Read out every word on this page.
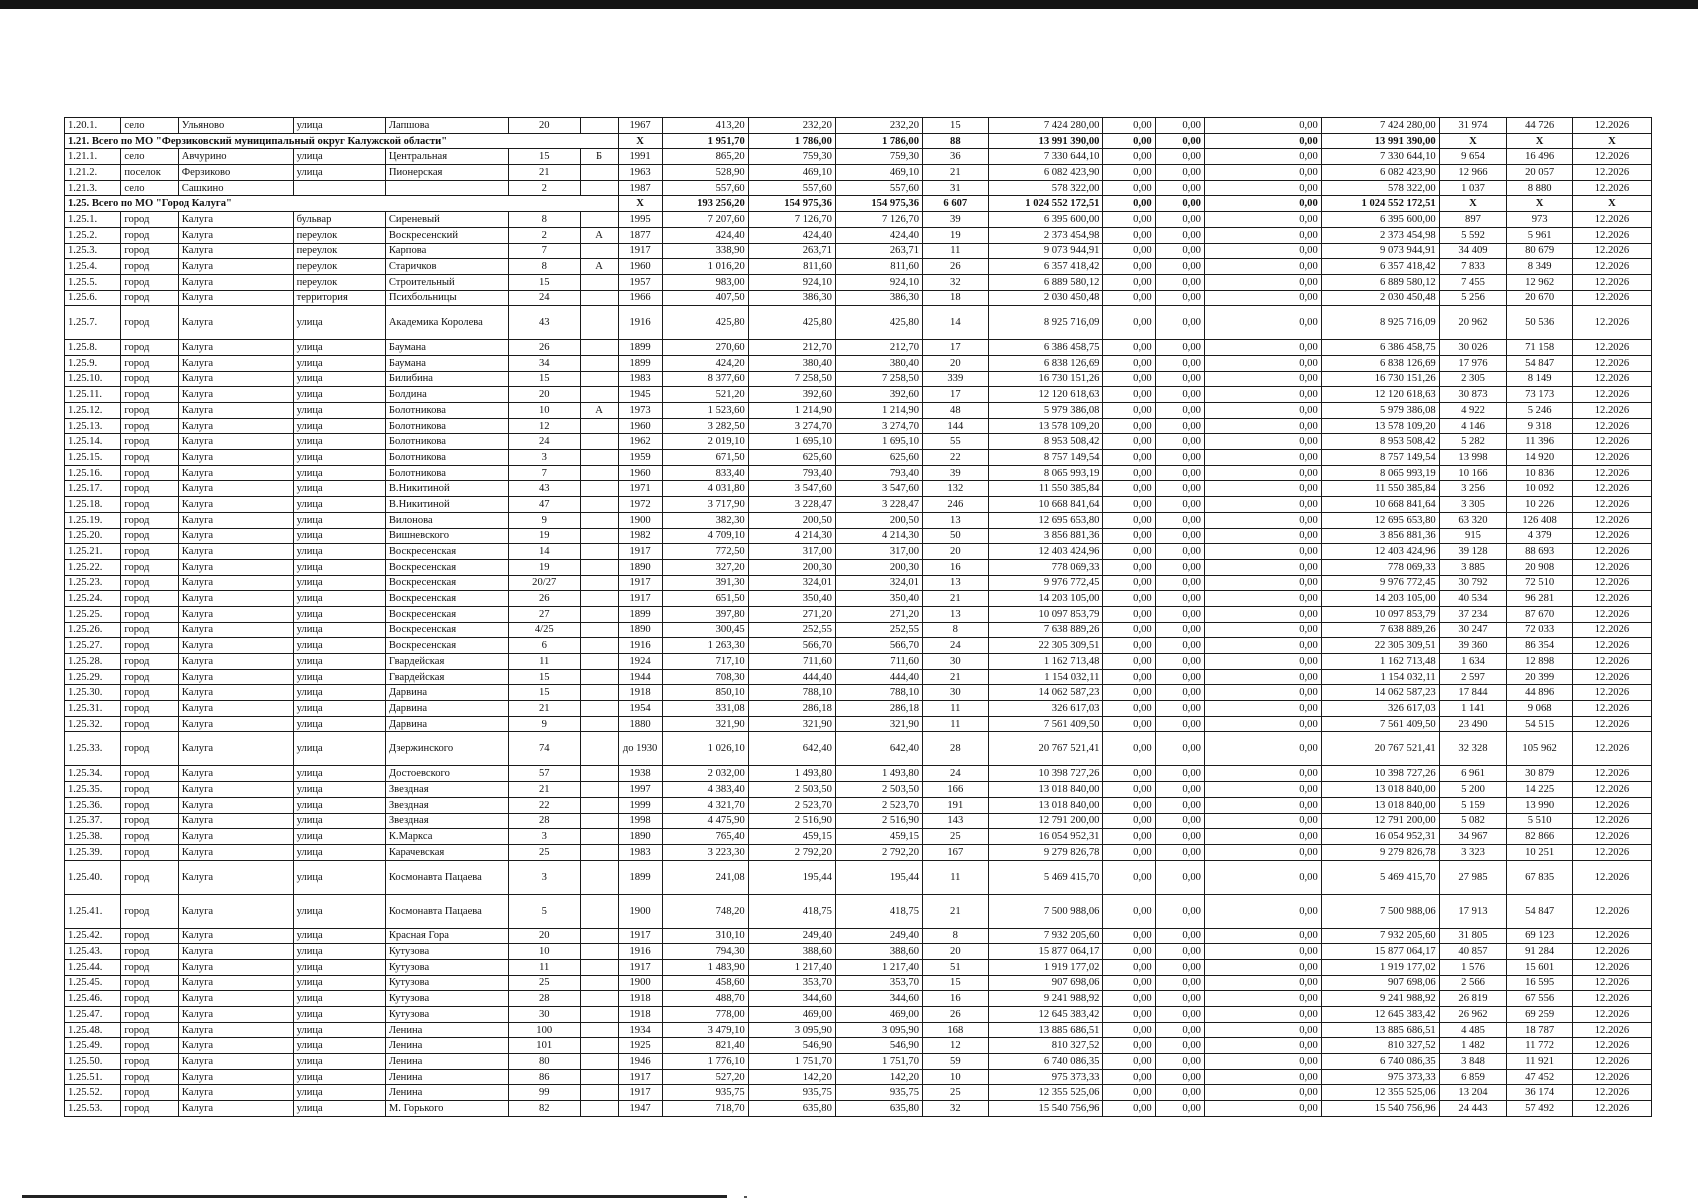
1.20.1.	село	Ульяново	улица	Лапшова	20		1967	413,20	232,20	232,20	15	7 424 280,00	0,00	0,00	0,00	7 424 280,00	31 974	44 726	12.2026
1.21. Всего по МО "Ферзиковский муниципальный округ Калужской области"							Х	1 951,70	1 786,00	1 786,00	88	13 991 390,00	0,00	0,00	0,00	13 991 390,00	Х	Х	Х
1.21.1.	село	Авчурино	улица	Центральная	15	Б	1991	865,20	759,30	759,30	36	7 330 644,10	0,00	0,00	0,00	7 330 644,10	9 654	16 496	12.2026
1.21.2.	поселок	Ферзиково	улица	Пионерская	21		1963	528,90	469,10	469,10	21	6 082 423,90	0,00	0,00	0,00	6 082 423,90	12 966	20 057	12.2026
1.21.3.	село	Сашкино			2		1987	557,60	557,60	557,60	31	578 322,00	0,00	0,00	0,00	578 322,00	1 037	8 880	12.2026
1.25. Всего по МО "Город Калуга"							Х	193 256,20	154 975,36	154 975,36	6 607	1 024 552 172,51	0,00	0,00	0,00	1 024 552 172,51	Х	Х	Х
1.25.1.	город	Калуга	бульвар	Сиреневый	8		1995	7 207,60	7 126,70	7 126,70	39	6 395 600,00	0,00	0,00	0,00	6 395 600,00	897	973	12.2026
1.25.2.	город	Калуга	переулок	Воскресенский	2	А	1877	424,40	424,40	424,40	19	2 373 454,98	0,00	0,00	0,00	2 373 454,98	5 592	5 961	12.2026
1.25.3.	город	Калуга	переулок	Карпова	7		1917	338,90	263,71	263,71	11	9 073 944,91	0,00	0,00	0,00	9 073 944,91	34 409	80 679	12.2026
1.25.4.	город	Калуга	переулок	Старичков	8	А	1960	1 016,20	811,60	811,60	26	6 357 418,42	0,00	0,00	0,00	6 357 418,42	7 833	8 349	12.2026
1.25.5.	город	Калуга	переулок	Строительный	15		1957	983,00	924,10	924,10	32	6 889 580,12	0,00	0,00	0,00	6 889 580,12	7 455	12 962	12.2026
1.25.6.	город	Калуга	территория	Психбольницы	24		1966	407,50	386,30	386,30	18	2 030 450,48	0,00	0,00	0,00	2 030 450,48	5 256	20 670	12.2026
1.25.7.	город	Калуга	улица	Академика Королева	43		1916	425,80	425,80	425,80	14	8 925 716,09	0,00	0,00	0,00	8 925 716,09	20 962	50 536	12.2026
1.25.8.	город	Калуга	улица	Баумана	26		1899	270,60	212,70	212,70	17	6 386 458,75	0,00	0,00	0,00	6 386 458,75	30 026	71 158	12.2026
1.25.9.	город	Калуга	улица	Баумана	34		1899	424,20	380,40	380,40	20	6 838 126,69	0,00	0,00	0,00	6 838 126,69	17 976	54 847	12.2026
1.25.10.	город	Калуга	улица	Билибина	15		1983	8 377,60	7 258,50	7 258,50	339	16 730 151,26	0,00	0,00	0,00	16 730 151,26	2 305	8 149	12.2026
1.25.11.	город	Калуга	улица	Болдина	20		1945	521,20	392,60	392,60	17	12 120 618,63	0,00	0,00	0,00	12 120 618,63	30 873	73 173	12.2026
1.25.12.	город	Калуга	улица	Болотникова	10	А	1973	1 523,60	1 214,90	1 214,90	48	5 979 386,08	0,00	0,00	0,00	5 979 386,08	4 922	5 246	12.2026
1.25.13.	город	Калуга	улица	Болотникова	12		1960	3 282,50	3 274,70	3 274,70	144	13 578 109,20	0,00	0,00	0,00	13 578 109,20	4 146	9 318	12.2026
1.25.14.	город	Калуга	улица	Болотникова	24		1962	2 019,10	1 695,10	1 695,10	55	8 953 508,42	0,00	0,00	0,00	8 953 508,42	5 282	11 396	12.2026
1.25.15.	город	Калуга	улица	Болотникова	3		1959	671,50	625,60	625,60	22	8 757 149,54	0,00	0,00	0,00	8 757 149,54	13 998	14 920	12.2026
1.25.16.	город	Калуга	улица	Болотникова	7		1960	833,40	793,40	793,40	39	8 065 993,19	0,00	0,00	0,00	8 065 993,19	10 166	10 836	12.2026
1.25.17.	город	Калуга	улица	В.Никитиной	43		1971	4 031,80	3 547,60	3 547,60	132	11 550 385,84	0,00	0,00	0,00	11 550 385,84	3 256	10 092	12.2026
1.25.18.	город	Калуга	улица	В.Никитиной	47		1972	3 717,90	3 228,47	3 228,47	246	10 668 841,64	0,00	0,00	0,00	10 668 841,64	3 305	10 226	12.2026
1.25.19.	город	Калуга	улица	Вилонова	9		1900	382,30	200,50	200,50	13	12 695 653,80	0,00	0,00	0,00	12 695 653,80	63 320	126 408	12.2026
1.25.20.	город	Калуга	улица	Вишневского	19		1982	4 709,10	4 214,30	4 214,30	50	3 856 881,36	0,00	0,00	0,00	3 856 881,36	915	4 379	12.2026
1.25.21.	город	Калуга	улица	Воскресенская	14		1917	772,50	317,00	317,00	20	12 403 424,96	0,00	0,00	0,00	12 403 424,96	39 128	88 693	12.2026
1.25.22.	город	Калуга	улица	Воскресенская	19		1890	327,20	200,30	200,30	16	778 069,33	0,00	0,00	0,00	778 069,33	3 885	20 908	12.2026
1.25.23.	город	Калуга	улица	Воскресенская	20/27		1917	391,30	324,01	324,01	13	9 976 772,45	0,00	0,00	0,00	9 976 772,45	30 792	72 510	12.2026
1.25.24.	город	Калуга	улица	Воскресенская	26		1917	651,50	350,40	350,40	21	14 203 105,00	0,00	0,00	0,00	14 203 105,00	40 534	96 281	12.2026
1.25.25.	город	Калуга	улица	Воскресенская	27		1899	397,80	271,20	271,20	13	10 097 853,79	0,00	0,00	0,00	10 097 853,79	37 234	87 670	12.2026
1.25.26.	город	Калуга	улица	Воскресенская	4/25		1890	300,45	252,55	252,55	8	7 638 889,26	0,00	0,00	0,00	7 638 889,26	30 247	72 033	12.2026
1.25.27.	город	Калуга	улица	Воскресенская	6		1916	1 263,30	566,70	566,70	24	22 305 309,51	0,00	0,00	0,00	22 305 309,51	39 360	86 354	12.2026
1.25.28.	город	Калуга	улица	Гвардейская	11		1924	717,10	711,60	711,60	30	1 162 713,48	0,00	0,00	0,00	1 162 713,48	1 634	12 898	12.2026
1.25.29.	город	Калуга	улица	Гвардейская	15		1944	708,30	444,40	444,40	21	1 154 032,11	0,00	0,00	0,00	1 154 032,11	2 597	20 399	12.2026
1.25.30.	город	Калуга	улица	Дарвина	15		1918	850,10	788,10	788,10	30	14 062 587,23	0,00	0,00	0,00	14 062 587,23	17 844	44 896	12.2026
1.25.31.	город	Калуга	улица	Дарвина	21		1954	331,08	286,18	286,18	11	326 617,03	0,00	0,00	0,00	326 617,03	1 141	9 068	12.2026
1.25.32.	город	Калуга	улица	Дарвина	9		1880	321,90	321,90	321,90	11	7 561 409,50	0,00	0,00	0,00	7 561 409,50	23 490	54 515	12.2026
1.25.33.	город	Калуга	улица	Дзержинского	74		до 1930	1 026,10	642,40	642,40	28	20 767 521,41	0,00	0,00	0,00	20 767 521,41	32 328	105 962	12.2026
1.25.34.	город	Калуга	улица	Достоевского	57		1938	2 032,00	1 493,80	1 493,80	24	10 398 727,26	0,00	0,00	0,00	10 398 727,26	6 961	30 879	12.2026
1.25.35.	город	Калуга	улица	Звездная	21		1997	4 383,40	2 503,50	2 503,50	166	13 018 840,00	0,00	0,00	0,00	13 018 840,00	5 200	14 225	12.2026
1.25.36.	город	Калуга	улица	Звездная	22		1999	4 321,70	2 523,70	2 523,70	191	13 018 840,00	0,00	0,00	0,00	13 018 840,00	5 159	13 990	12.2026
1.25.37.	город	Калуга	улица	Звездная	28		1998	4 475,90	2 516,90	2 516,90	143	12 791 200,00	0,00	0,00	0,00	12 791 200,00	5 082	5 510	12.2026
1.25.38.	город	Калуга	улица	К.Маркса	3		1890	765,40	459,15	459,15	25	16 054 952,31	0,00	0,00	0,00	16 054 952,31	34 967	82 866	12.2026
1.25.39.	город	Калуга	улица	Карачевская	25		1983	3 223,30	2 792,20	2 792,20	167	9 279 826,78	0,00	0,00	0,00	9 279 826,78	3 323	10 251	12.2026
1.25.40.	город	Калуга	улица	Космонавта Пацаева	3		1899	241,08	195,44	195,44	11	5 469 415,70	0,00	0,00	0,00	5 469 415,70	27 985	67 835	12.2026
1.25.41.	город	Калуга	улица	Космонавта Пацаева	5		1900	748,20	418,75	418,75	21	7 500 988,06	0,00	0,00	0,00	7 500 988,06	17 913	54 847	12.2026
1.25.42.	город	Калуга	улица	Красная Гора	20		1917	310,10	249,40	249,40	8	7 932 205,60	0,00	0,00	0,00	7 932 205,60	31 805	69 123	12.2026
1.25.43.	город	Калуга	улица	Кутузова	10		1916	794,30	388,60	388,60	20	15 877 064,17	0,00	0,00	0,00	15 877 064,17	40 857	91 284	12.2026
1.25.44.	город	Калуга	улица	Кутузова	11		1917	1 483,90	1 217,40	1 217,40	51	1 919 177,02	0,00	0,00	0,00	1 919 177,02	1 576	15 601	12.2026
1.25.45.	город	Калуга	улица	Кутузова	25		1900	458,60	353,70	353,70	15	907 698,06	0,00	0,00	0,00	907 698,06	2 566	16 595	12.2026
1.25.46.	город	Калуга	улица	Кутузова	28		1918	488,70	344,60	344,60	16	9 241 988,92	0,00	0,00	0,00	9 241 988,92	26 819	67 556	12.2026
1.25.47.	город	Калуга	улица	Кутузова	30		1918	778,00	469,00	469,00	26	12 645 383,42	0,00	0,00	0,00	12 645 383,42	26 962	69 259	12.2026
1.25.48.	город	Калуга	улица	Ленина	100		1934	3 479,10	3 095,90	3 095,90	168	13 885 686,51	0,00	0,00	0,00	13 885 686,51	4 485	18 787	12.2026
1.25.49.	город	Калуга	улица	Ленина	101		1925	821,40	546,90	546,90	12	810 327,52	0,00	0,00	0,00	810 327,52	1 482	11 772	12.2026
1.25.50.	город	Калуга	улица	Ленина	80		1946	1 776,10	1 751,70	1 751,70	59	6 740 086,35	0,00	0,00	0,00	6 740 086,35	3 848	11 921	12.2026
1.25.51.	город	Калуга	улица	Ленина	86		1917	527,20	142,20	142,20	10	975 373,33	0,00	0,00	0,00	975 373,33	6 859	47 452	12.2026
1.25.52.	город	Калуга	улица	Ленина	99		1917	935,75	935,75	935,75	25	12 355 525,06	0,00	0,00	0,00	12 355 525,06	13 204	36 174	12.2026
1.25.53.	город	Калуга	улица	М. Горького	82		1947	718,70	635,80	635,80	32	15 540 756,96	0,00	0,00	0,00	15 540 756,96	24 443	57 492	12.2026
